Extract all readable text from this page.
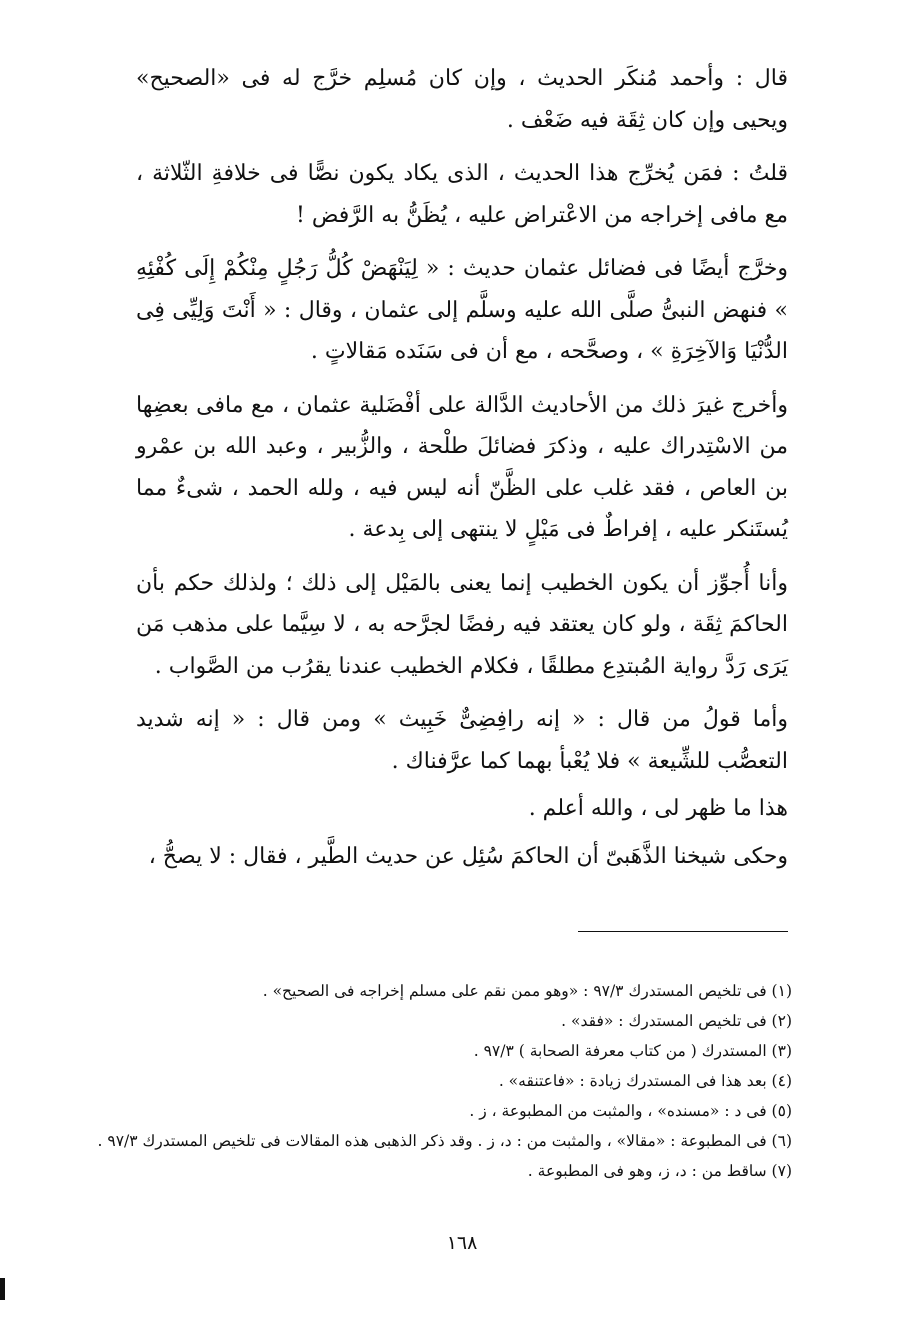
قال : وأحمد مُنكَر الحديث ، وإن كان مُسلِم خرَّج له فى «الصحيح» ويحيى وإن كان ثِقَة فيه ضَعْف .

قلتُ : فمَن يُخرِّج هذا الحديث ، الذى يكاد يكون نصًّا فى خلافةِ الثّلاثة ، مع مافى إخراجه من الاعْتراض عليه ، يُظَنُّ به الرَّفض !

وخرَّج أيضًا فى فضائل عثمان حديث : « لِيَنْهَضْ كُلُّ رَجُلٍ مِنْكُمْ إِلَى كُفْئِهِ » فنهض النبىُّ صلَّى الله عليه وسلَّم إلى عثمان ، وقال : « أَنْتَ وَلِيِّى فِى الدُّنْيَا وَالآخِرَةِ » ، وصحَّحه ، مع أن فى سَنَده مَقالاتٍ .

وأخرج غيرَ ذلك من الأحاديث الدَّالة على أفْضَلية عثمان ، مع مافى بعضِها من الاسْتِدراك عليه ، وذكرَ فضائلَ طلْحة ، والزُّبير ، وعبد الله بن عمْرو بن العاص ، فقد غلب على الظَّنّ أنه ليس فيه ، ولله الحمد ، شىءٌ مما يُستَنكر عليه ، إفراطٌ فى مَيْلٍ لا ينتهى إلى بِدعة .

وأنا أُجوِّز أن يكون الخطيب إنما يعنى بالمَيْل إلى ذلك ؛ ولذلك حكم بأن الحاكمَ ثِقَة ، ولو كان يعتقد فيه رفضًا لجرَّحه به ، لا سِيَّما على مذهب مَن يَرَى رَدَّ رواية المُبتدِع مطلقًا ، فكلام الخطيب عندنا يقرُب من الصَّواب .

وأما قولُ من قال : « إنه رافِضِىٌّ خَبِيث » ومن قال : « إنه شديد التعصُّب للشِّيعة » فلا يُعْبأ بهما كما عرَّفناك .

هذا ما ظهر لى ، والله أعلم .

وحكى شيخنا الذَّهَبىّ أن الحاكمَ سُئِل عن حديث الطَّير ، فقال : لا يصحُّ ،

(١) فى تلخيص المستدرك ٩٧/٣ : «وهو ممن نقم على مسلم إخراجه فى الصحيح» .
(٢) فى تلخيص المستدرك : «فقد» .
(٣) المستدرك ( من كتاب معرفة الصحابة ) ٩٧/٣ .
(٤) بعد هذا فى المستدرك زيادة : «فاعتنقه» .
(٥) فى د : «مسنده» ، والمثبت من المطبوعة ، ز .
(٦) فى المطبوعة : «مقالا» ، والمثبت من : د، ز . وقد ذكر الذهبى هذه المقالات فى تلخيص المستدرك ٩٧/٣ .
(٧) ساقط من : د، ز، وهو فى المطبوعة .
١٦٨
